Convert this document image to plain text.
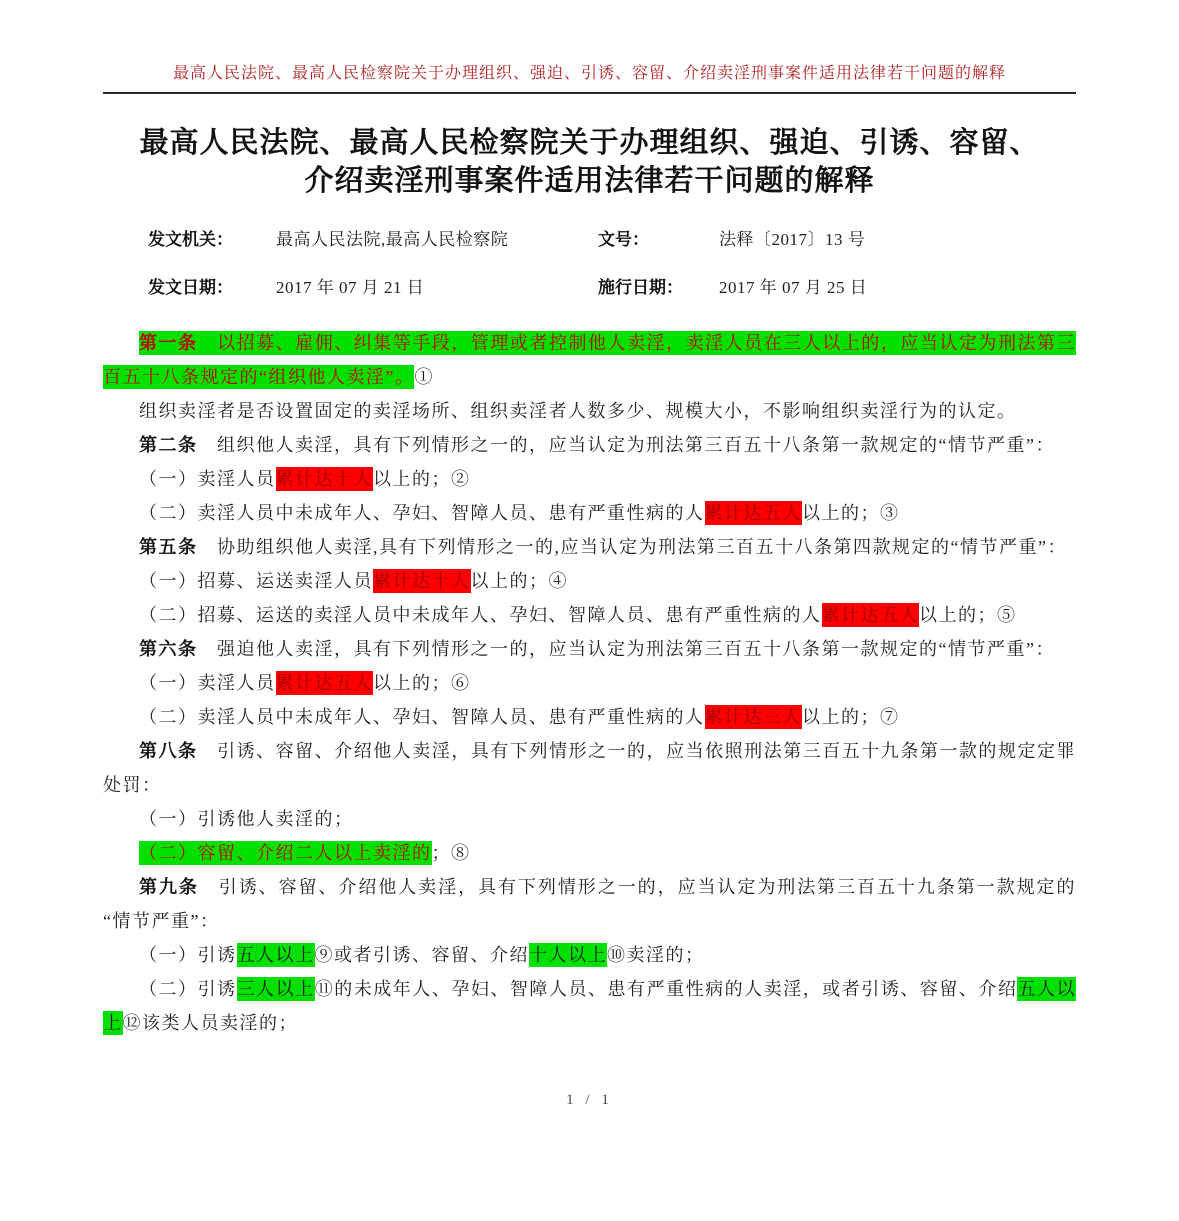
最高人民法院、最高人民检察院关于办理组织、强迫、引诱、容留、介绍卖淫刑事案件适用法律若干问题的解释
最高人民法院、最高人民检察院关于办理组织、强迫、引诱、容留、
介绍卖淫刑事案件适用法律若干问题的解释
发文机关：	最高人民法院,最高人民检察院	文号：	法释〔2017〕13 号
发文日期：	2017 年 07 月 21 日	施行日期：	2017 年 07 月 25 日

第一条　以招募、雇佣、纠集等手段，管理或者控制他人卖淫，卖淫人员在三人以上的，应当认定为刑法第三百五十八条规定的“组织他人卖淫”。①

组织卖淫者是否设置固定的卖淫场所、组织卖淫者人数多少、规模大小，不影响组织卖淫行为的认定。

第二条　组织他人卖淫，具有下列情形之一的，应当认定为刑法第三百五十八条第一款规定的“情节严重”：

（一）卖淫人员累计达十人以上的；②

（二）卖淫人员中未成年人、孕妇、智障人员、患有严重性病的人累计达五人以上的；③

第五条　协助组织他人卖淫,具有下列情形之一的,应当认定为刑法第三百五十八条第四款规定的“情节严重”：

（一）招募、运送卖淫人员累计达十人以上的；④

（二）招募、运送的卖淫人员中未成年人、孕妇、智障人员、患有严重性病的人累计达五人以上的；⑤

第六条　强迫他人卖淫，具有下列情形之一的，应当认定为刑法第三百五十八条第一款规定的“情节严重”：

（一）卖淫人员累计达五人以上的；⑥

（二）卖淫人员中未成年人、孕妇、智障人员、患有严重性病的人累计达三人以上的；⑦

第八条　引诱、容留、介绍他人卖淫，具有下列情形之一的，应当依照刑法第三百五十九条第一款的规定定罪处罚：

（一）引诱他人卖淫的；

（二）容留、介绍二人以上卖淫的；⑧

第九条　引诱、容留、介绍他人卖淫，具有下列情形之一的，应当认定为刑法第三百五十九条第一款规定的“情节严重”：

（一）引诱五人以上⑨或者引诱、容留、介绍十人以上⑩卖淫的；

（二）引诱三人以上⑪的未成年人、孕妇、智障人员、患有严重性病的人卖淫，或者引诱、容留、介绍五人以上⑫该类人员卖淫的；

1 / 1
